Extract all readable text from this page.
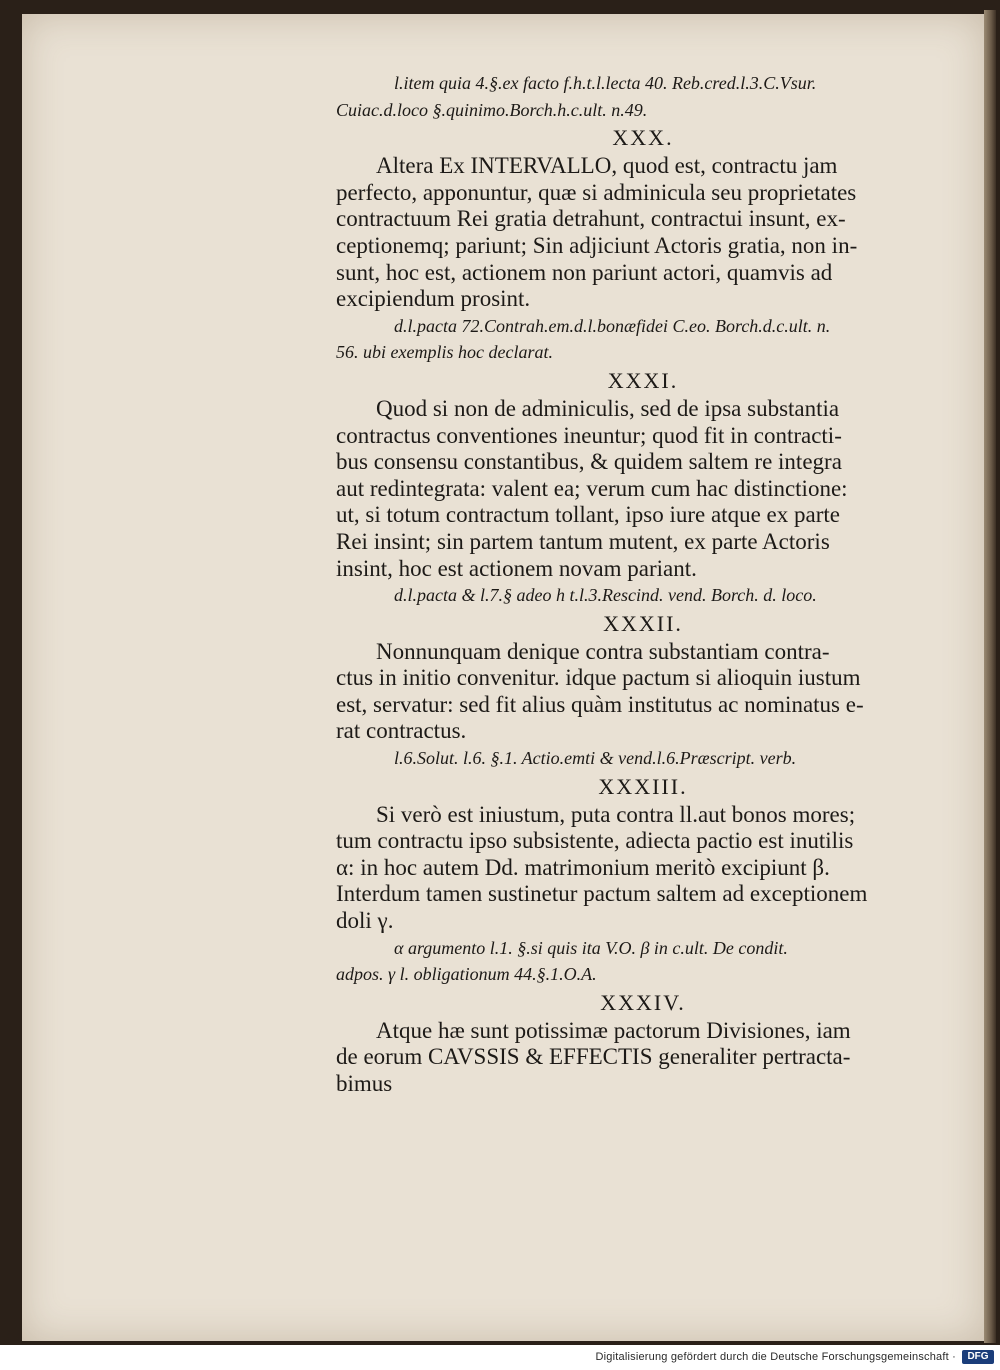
l.item quia 4.§.ex facto f.h.t.l.lecta 40. Reb.cred.l.3.C.Vsur.
Cuiac.d.loco §.quinimo.Borch.h.c.ult. n.49.
XXX.
Altera Ex INTERVALLO, quod est, contractu jam
perfecto, apponuntur, quæ si adminicula seu proprietates
contractuum Rei gratia detrahunt, contractui insunt, ex-
ceptionemq; pariunt; Sin adjiciunt Actoris gratia, non in-
sunt, hoc est, actionem non pariunt actori, quamvis ad
excipiendum prosint.
d.l.pacta 72.Contrah.em.d.l.bonæfidei C.eo. Borch.d.c.ult. n.
56. ubi exemplis hoc declarat.
XXXI.
Quod si non de adminiculis, sed de ipsa substantia
contractus conventiones ineuntur; quod fit in contracti-
bus consensu constantibus, & quidem saltem re integra
aut redintegrata: valent ea; verum cum hac distinctione:
ut, si totum contractum tollant, ipso iure atque ex parte
Rei insint; sin partem tantum mutent, ex parte Actoris
insint, hoc est actionem novam pariant.
d.l.pacta & l.7.§ adeo h t.l.3.Rescind. vend. Borch. d. loco.
XXXII.
Nonnunquam denique contra substantiam contra-
ctus in initio convenitur. idque pactum si alioquin iustum
est, servatur: sed fit alius quàm institutus ac nominatus e-
rat contractus.
l.6.Solut. l.6. §.1. Actio.emti & vend.l.6.Præscript. verb.
XXXIII.
Si verò est iniustum, puta contra ll.aut bonos mores;
tum contractu ipso subsistente, adiecta pactio est inutilis
α: in hoc autem Dd. matrimonium meritò excipiunt β.
Interdum tamen sustinetur pactum saltem ad exceptionem
doli γ.
α argumento l.1. §.si quis ita V.O. β in c.ult. De condit.
adpos. γ l. obligationum 44.§.1.O.A.
XXXIV.
Atque hæ sunt potissimæ pactorum Divisiones, iam
de eorum CAVSSIS & EFFECTIS generaliter pertracta-
bimus
Digitalisierung gefördert durch die Deutsche Forschungsgemeinschaft ·	DFG
